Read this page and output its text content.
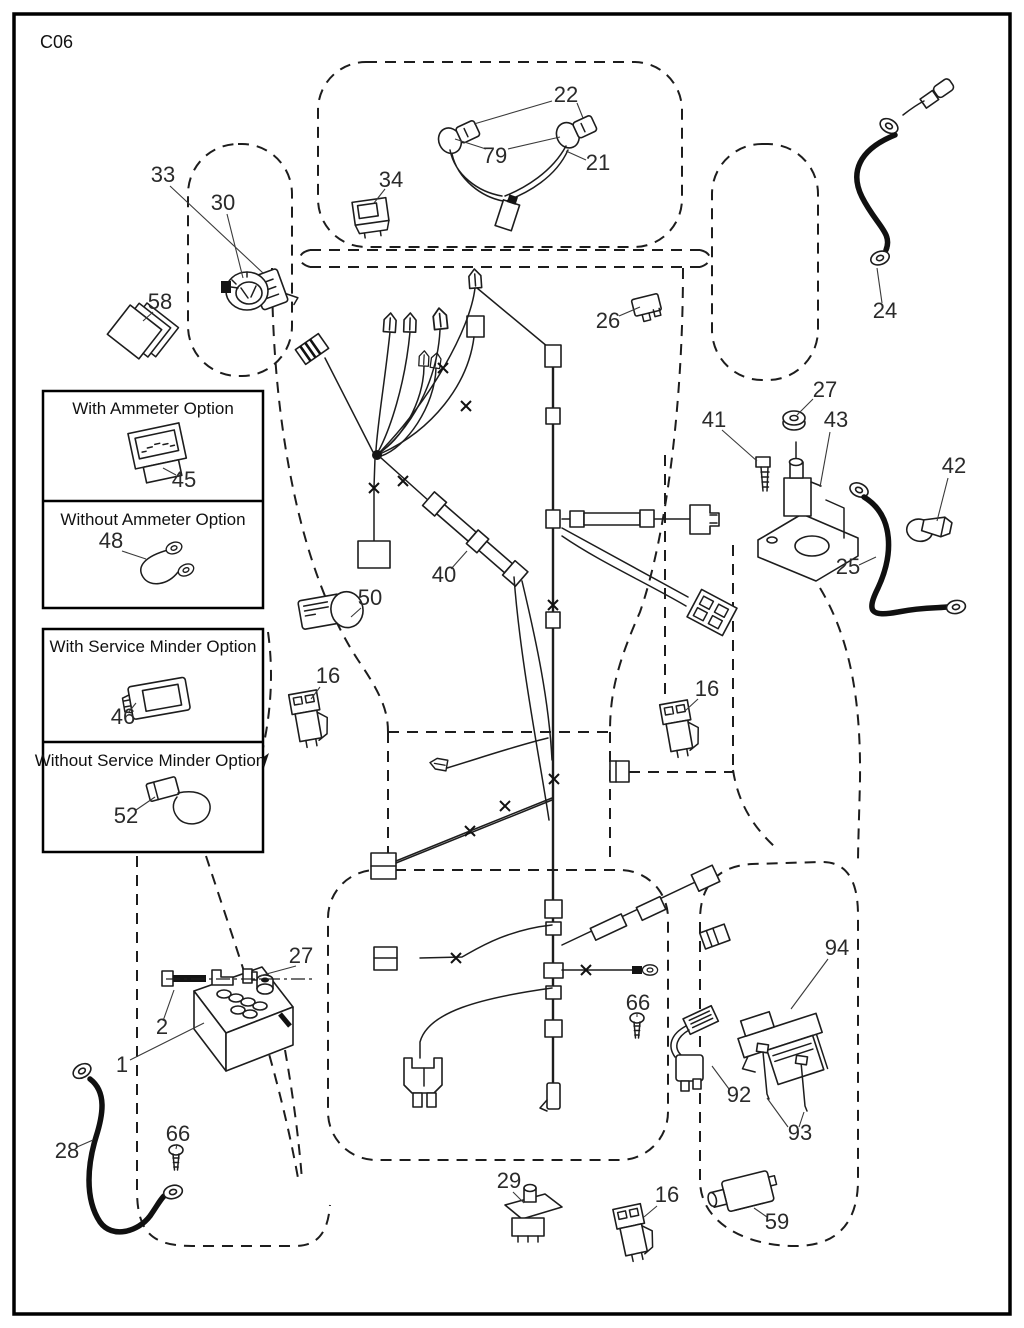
C06
With Ammeter Option
Without Ammeter Option
With Service Minder Option
Without Service Minder Option
22
79	21
34
33
30
58
26	24
27
41	43
42
25
40
50
16
16
27
2
1
94
66
92
28
66	93
29
16
59
45
48
46
52
